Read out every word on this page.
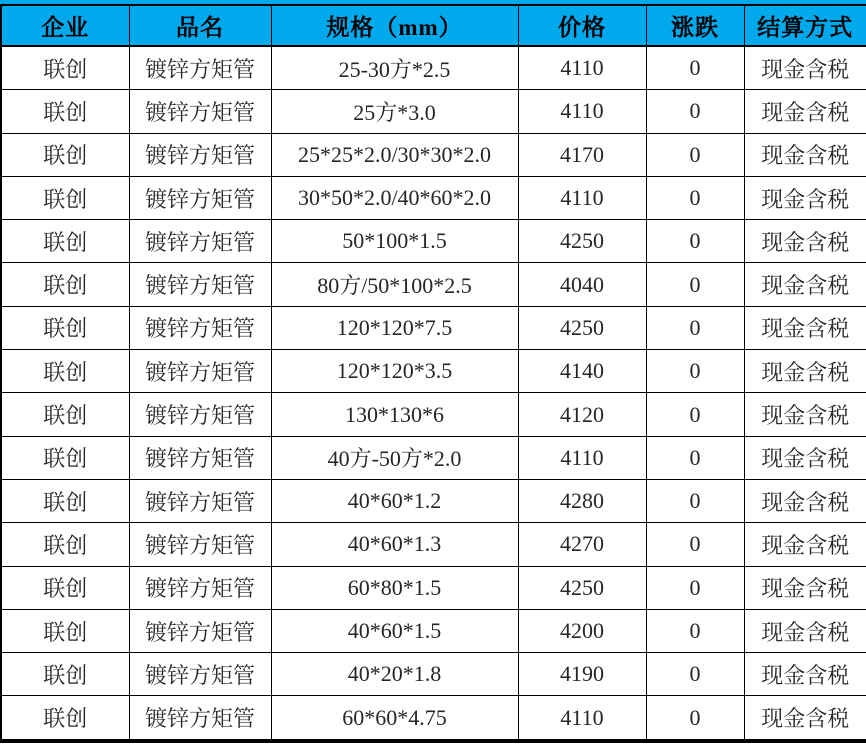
企业	品名	规格（mm）	价格	涨跌	结算方式
联创	镀锌方矩管	25-30方*2.5	4110	0	现金含税
联创	镀锌方矩管	25方*3.0	4110	0	现金含税
联创	镀锌方矩管	25*25*2.0/30*30*2.0	4170	0	现金含税
联创	镀锌方矩管	30*50*2.0/40*60*2.0	4110	0	现金含税
联创	镀锌方矩管	50*100*1.5	4250	0	现金含税
联创	镀锌方矩管	80方/50*100*2.5	4040	0	现金含税
联创	镀锌方矩管	120*120*7.5	4250	0	现金含税
联创	镀锌方矩管	120*120*3.5	4140	0	现金含税
联创	镀锌方矩管	130*130*6	4120	0	现金含税
联创	镀锌方矩管	40方-50方*2.0	4110	0	现金含税
联创	镀锌方矩管	40*60*1.2	4280	0	现金含税
联创	镀锌方矩管	40*60*1.3	4270	0	现金含税
联创	镀锌方矩管	60*80*1.5	4250	0	现金含税
联创	镀锌方矩管	40*60*1.5	4200	0	现金含税
联创	镀锌方矩管	40*20*1.8	4190	0	现金含税
联创	镀锌方矩管	60*60*4.75	4110	0	现金含税
